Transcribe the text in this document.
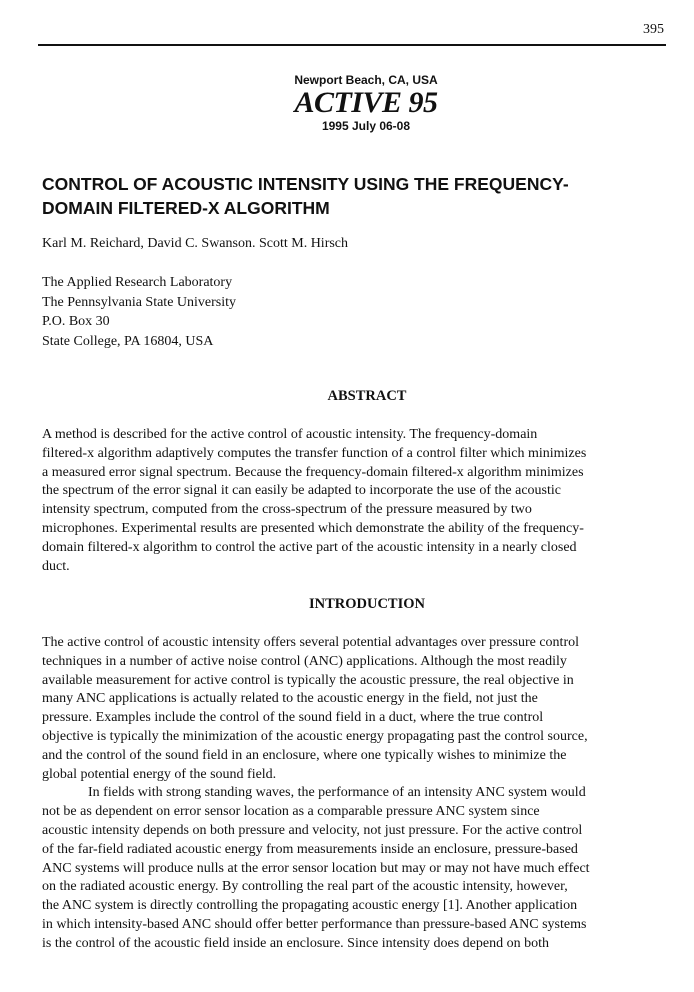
395
Newport Beach, CA, USA
ACTIVE 95
1995 July 06-08
CONTROL OF ACOUSTIC INTENSITY USING THE FREQUENCY-
DOMAIN FILTERED-X ALGORITHM
Karl M. Reichard, David C. Swanson. Scott M. Hirsch
The Applied Research Laboratory
The Pennsylvania State University
P.O. Box 30
State College, PA 16804, USA
ABSTRACT
A method is described for the active control of acoustic intensity. The frequency-domain
filtered-x algorithm adaptively computes the transfer function of a control filter which minimizes
a measured error signal spectrum. Because the frequency-domain filtered-x algorithm minimizes
the spectrum of the error signal it can easily be adapted to incorporate the use of the acoustic
intensity spectrum, computed from the cross-spectrum of the pressure measured by two
microphones. Experimental results are presented which demonstrate the ability of the frequency-
domain filtered-x algorithm to control the active part of the acoustic intensity in a nearly closed
duct.
INTRODUCTION
The active control of acoustic intensity offers several potential advantages over pressure control
techniques in a number of active noise control (ANC) applications. Although the most readily
available measurement for active control is typically the acoustic pressure, the real objective in
many ANC applications is actually related to the acoustic energy in the field, not just the
pressure. Examples include the control of the sound field in a duct, where the true control
objective is typically the minimization of the acoustic energy propagating past the control source,
and the control of the sound field in an enclosure, where one typically wishes to minimize the
global potential energy of the sound field.
In fields with strong standing waves, the performance of an intensity ANC system would
not be as dependent on error sensor location as a comparable pressure ANC system since
acoustic intensity depends on both pressure and velocity, not just pressure. For the active control
of the far-field radiated acoustic energy from measurements inside an enclosure, pressure-based
ANC systems will produce nulls at the error sensor location but may or may not have much effect
on the radiated acoustic energy. By controlling the real part of the acoustic intensity, however,
the ANC system is directly controlling the propagating acoustic energy [1]. Another application
in which intensity-based ANC should offer better performance than pressure-based ANC systems
is the control of the acoustic field inside an enclosure. Since intensity does depend on both
